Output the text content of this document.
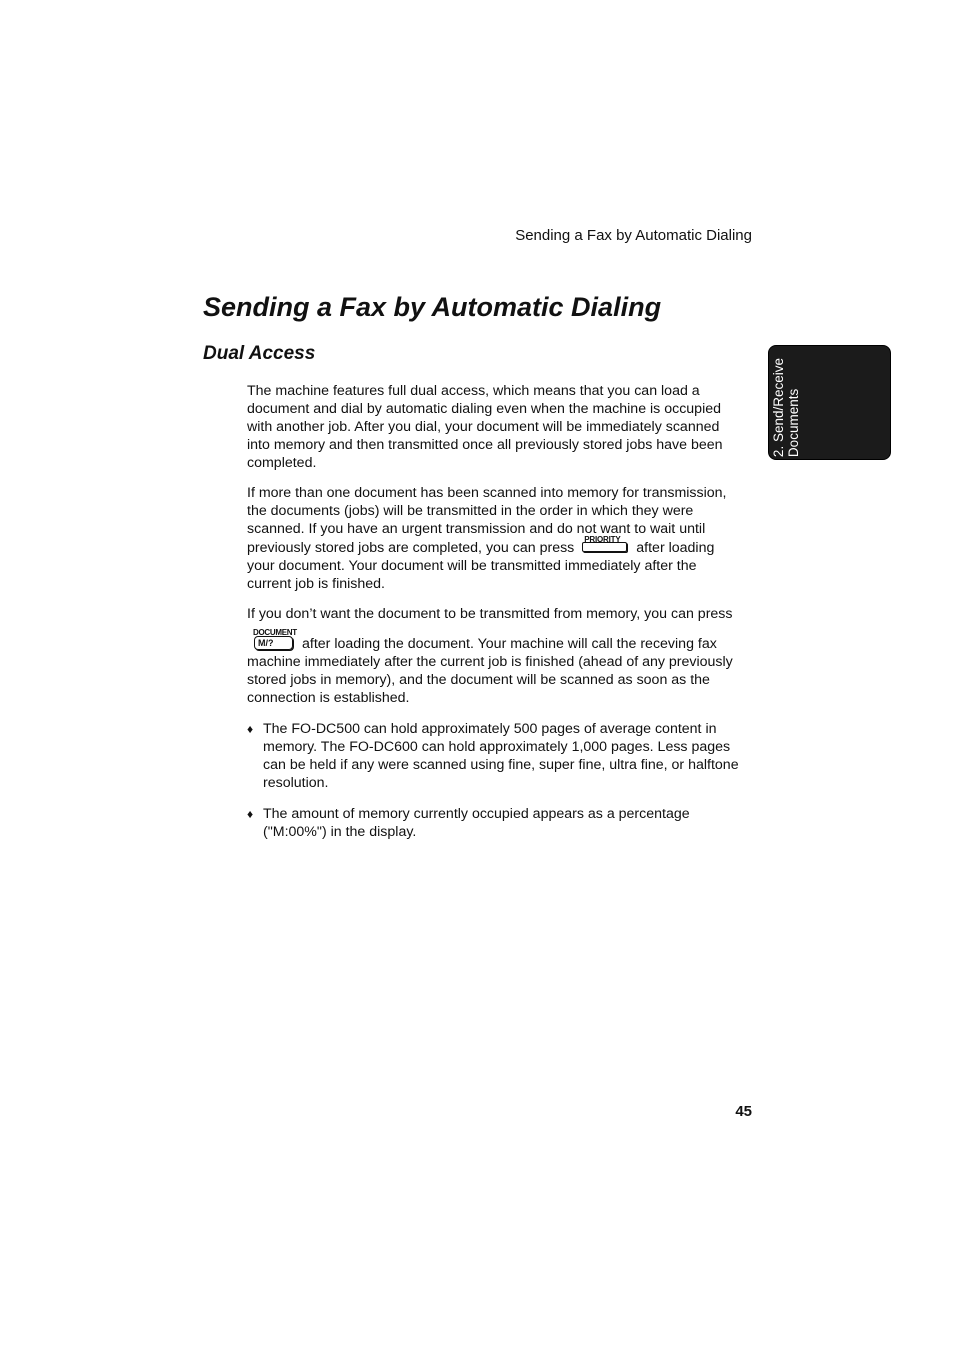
Sending a Fax by Automatic Dialing
Sending a Fax by Automatic Dialing
Dual Access

The machine features full dual access, which means that you can load a document and dial by automatic dialing even when the machine is occupied with another job. After you dial, your document will be immediately scanned into memory and then transmitted once all previously stored jobs have been completed.

If more than one document has been scanned into memory for transmission, the documents (jobs) will be transmitted in the order in which they were scanned. If you have an urgent transmission and do not want to wait until previously stored jobs are completed, you can press
PRIORITY
after loading your document. Your document will be transmitted immediately after the current job is finished.

If you don’t want the document to be transmitted from memory, you can press
DOCUMENT
M/?	after loading the document. Your machine will call the receving fax machine immediately after the current job is finished (ahead of any previously stored jobs in memory), and the document will be scanned as soon as the connection is established.

♦ The FO-DC500 can hold approximately 500 pages of average content in memory. The FO-DC600 can hold approximately 1,000 pages. Less pages can be held if any were scanned using fine, super fine, ultra fine, or halftone resolution.
♦ The amount of memory currently occupied appears as a percentage ("M:00%") in the display.
2. Send/Receive Documents
45
